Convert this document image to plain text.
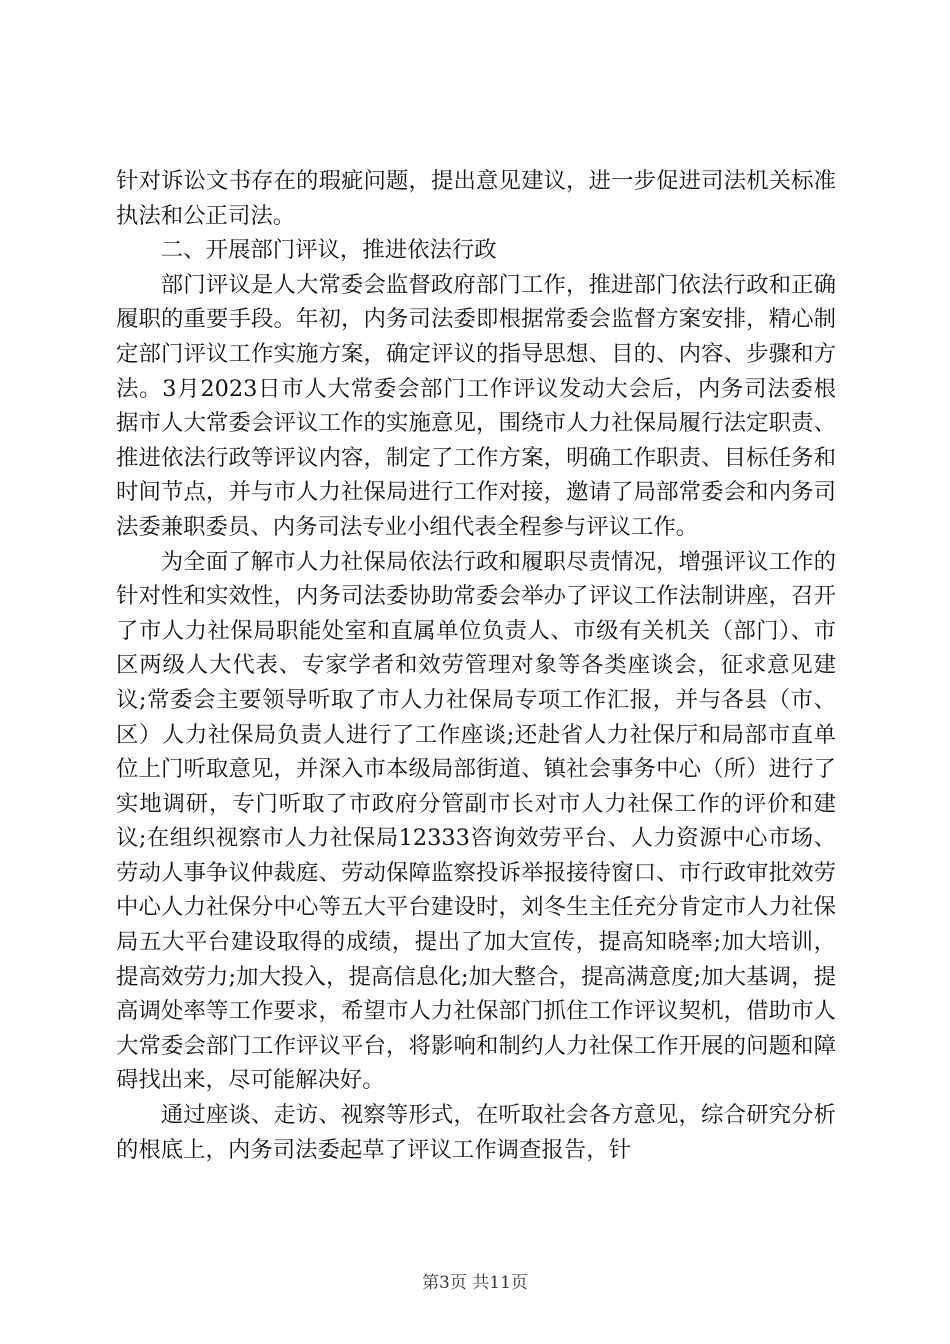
针对诉讼文书存在的瑕疵问题，提出意见建议，进一步促进司法机关标准执法和公正司法。

二、开展部门评议，推进依法行政

部门评议是人大常委会监督政府部门工作，推进部门依法行政和正确履职的重要手段。年初，内务司法委即根据常委会监督方案安排，精心制定部门评议工作实施方案，确定评议的指导思想、目的、内容、步骤和方法。3月2023日市人大常委会部门工作评议发动大会后，内务司法委根据市人大常委会评议工作的实施意见，围绕市人力社保局履行法定职责、推进依法行政等评议内容，制定了工作方案，明确工作职责、目标任务和时间节点，并与市人力社保局进行工作对接，邀请了局部常委会和内务司法委兼职委员、内务司法专业小组代表全程参与评议工作。

为全面了解市人力社保局依法行政和履职尽责情况，增强评议工作的针对性和实效性，内务司法委协助常委会举办了评议工作法制讲座，召开了市人力社保局职能处室和直属单位负责人、市级有关机关（部门）、市区两级人大代表、专家学者和效劳管理对象等各类座谈会，征求意见建议;常委会主要领导听取了市人力社保局专项工作汇报，并与各县（市、区）人力社保局负责人进行了工作座谈;还赴省人力社保厅和局部市直单位上门听取意见，并深入市本级局部街道、镇社会事务中心（所）进行了实地调研，专门听取了市政府分管副市长对市人力社保工作的评价和建议;在组织视察市人力社保局12333咨询效劳平台、人力资源中心市场、劳动人事争议仲裁庭、劳动保障监察投诉举报接待窗口、市行政审批效劳中心人力社保分中心等五大平台建设时，刘冬生主任充分肯定市人力社保局五大平台建设取得的成绩，提出了加大宣传，提高知晓率;加大培训，提高效劳力;加大投入，提高信息化;加大整合，提高满意度;加大基调，提高调处率等工作要求，希望市人力社保部门抓住工作评议契机，借助市人大常委会部门工作评议平台，将影响和制约人力社保工作开展的问题和障碍找出来，尽可能解决好。

通过座谈、走访、视察等形式，在听取社会各方意见，综合研究分析的根底上，内务司法委起草了评议工作调查报告，针

第3页 共11页
